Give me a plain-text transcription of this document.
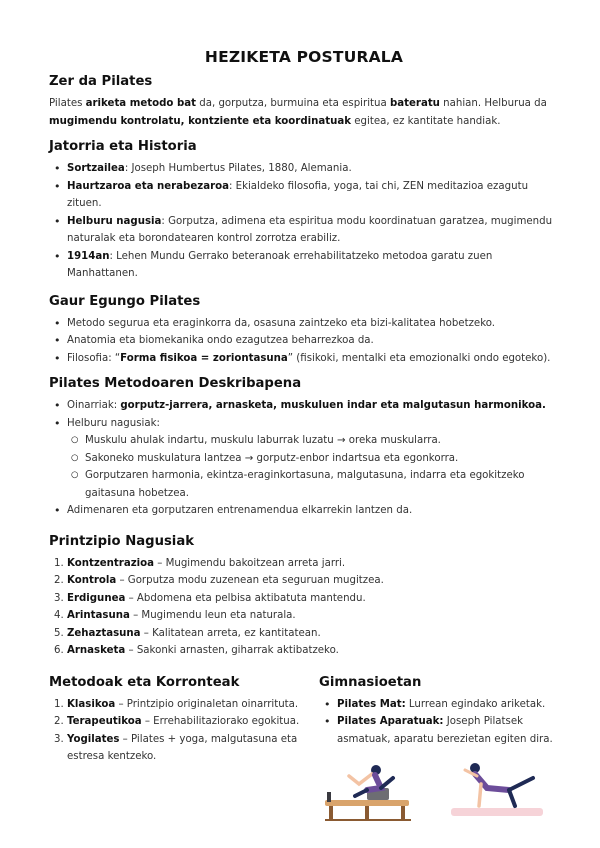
HEZIKETA POSTURALA
Zer da Pilates

Pilates ariketa metodo bat da, gorputza, burmuina eta espiritua bateratu nahian. Helburua da mugimendu kontrolatu, kontziente eta koordinatuak egitea, ez kantitate handiak.

Jatorria eta Historia
• Sortzailea: Joseph Humbertus Pilates, 1880, Alemania.
• Haurtzaroa eta nerabezaroa: Ekialdeko filosofia, yoga, tai chi, ZEN meditazioa ezagutu zituen.
• Helburu nagusia: Gorputza, adimena eta espiritua modu koordinatuan garatzea, mugimendu naturalak eta borondatearen kontrol zorrotza erabiliz.
• 1914an: Lehen Mundu Gerrako beteranoak errehabilitatzeko metodoa garatu zuen Manhattanen.
Gaur Egungo Pilates
• Metodo segurua eta eraginkorra da, osasuna zaintzeko eta bizi-kalitatea hobetzeko.
• Anatomia eta biomekanika ondo ezagutzea beharrezkoa da.
• Filosofia: “Forma fisikoa = zoriontasuna” (fisikoki, mentalki eta emozionalki ondo egoteko).
Pilates Metodoaren Deskribapena
• Oinarriak: gorputz-jarrera, arnasketa, muskuluen indar eta malgutasun harmonikoa.
• Helburu nagusiak:
○ Muskulu ahulak indartu, muskulu laburrak luzatu → oreka muskularra.
○ Sakoneko muskulatura lantzea → gorputz-enbor indartsua eta egonkorra.
○ Gorputzaren harmonia, ekintza-eraginkortasuna, malgutasuna, indarra eta egokitzeko gaitasuna hobetzea.
• Adimenaren eta gorputzaren entrenamendua elkarrekin lantzen da.
Printzipio Nagusiak
1. Kontzentrazioa – Mugimendu bakoitzean arreta jarri.
2. Kontrola – Gorputza modu zuzenean eta seguruan mugitzea.
3. Erdigunea – Abdomena eta pelbisa aktibatuta mantendu.
4. Arintasuna – Mugimendu leun eta naturala.
5. Zehaztasuna – Kalitatean arreta, ez kantitatean.
6. Arnasketa – Sakonki arnasten, giharrak aktibatzeko.
Metodoak eta Korronteak
1. Klasikoa – Printzipio originaletan oinarrituta.
2. Terapeutikoa – Errehabilitaziorako egokitua.
3. Yogilates – Pilates + yoga, malgutasuna eta estresa kentzeko.
Gimnasioetan
• Pilates Mat: Lurrean egindako ariketak.
• Pilates Aparatuak: Joseph Pilatsek asmatuak, aparatu berezietan egiten dira.
